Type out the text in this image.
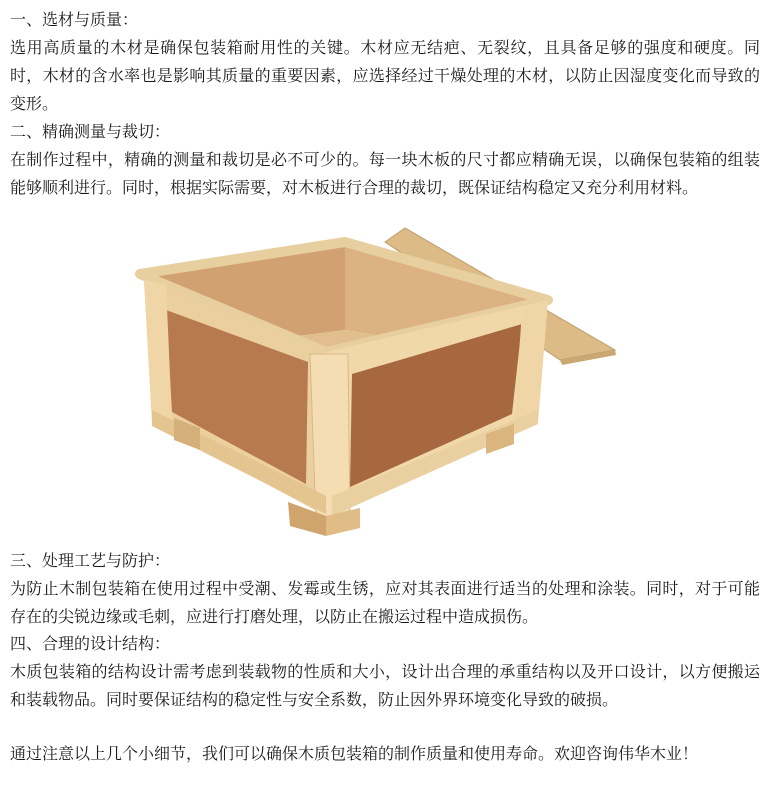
一、选材与质量：

选用高质量的木材是确保包装箱耐用性的关键。木材应无结疤、无裂纹，且具备足够的强度和硬度。同时，木材的含水率也是影响其质量的重要因素，应选择经过干燥处理的木材，以防止因湿度变化而导致的变形。

二、精确测量与裁切：

在制作过程中，精确的测量和裁切是必不可少的。每一块木板的尺寸都应精确无误，以确保包装箱的组装能够顺利进行。同时，根据实际需要，对木板进行合理的裁切，既保证结构稳定又充分利用材料。

三、处理工艺与防护：

为防止木制包装箱在使用过程中受潮、发霉或生锈，应对其表面进行适当的处理和涂装。同时，对于可能存在的尖锐边缘或毛刺，应进行打磨处理，以防止在搬运过程中造成损伤。

四、合理的设计结构：

木质包装箱的结构设计需考虑到装载物的性质和大小，设计出合理的承重结构以及开口设计，以方便搬运和装载物品。同时要保证结构的稳定性与安全系数，防止因外界环境变化导致的破损。

通过注意以上几个小细节，我们可以确保木质包装箱的制作质量和使用寿命。欢迎咨询伟华木业！
